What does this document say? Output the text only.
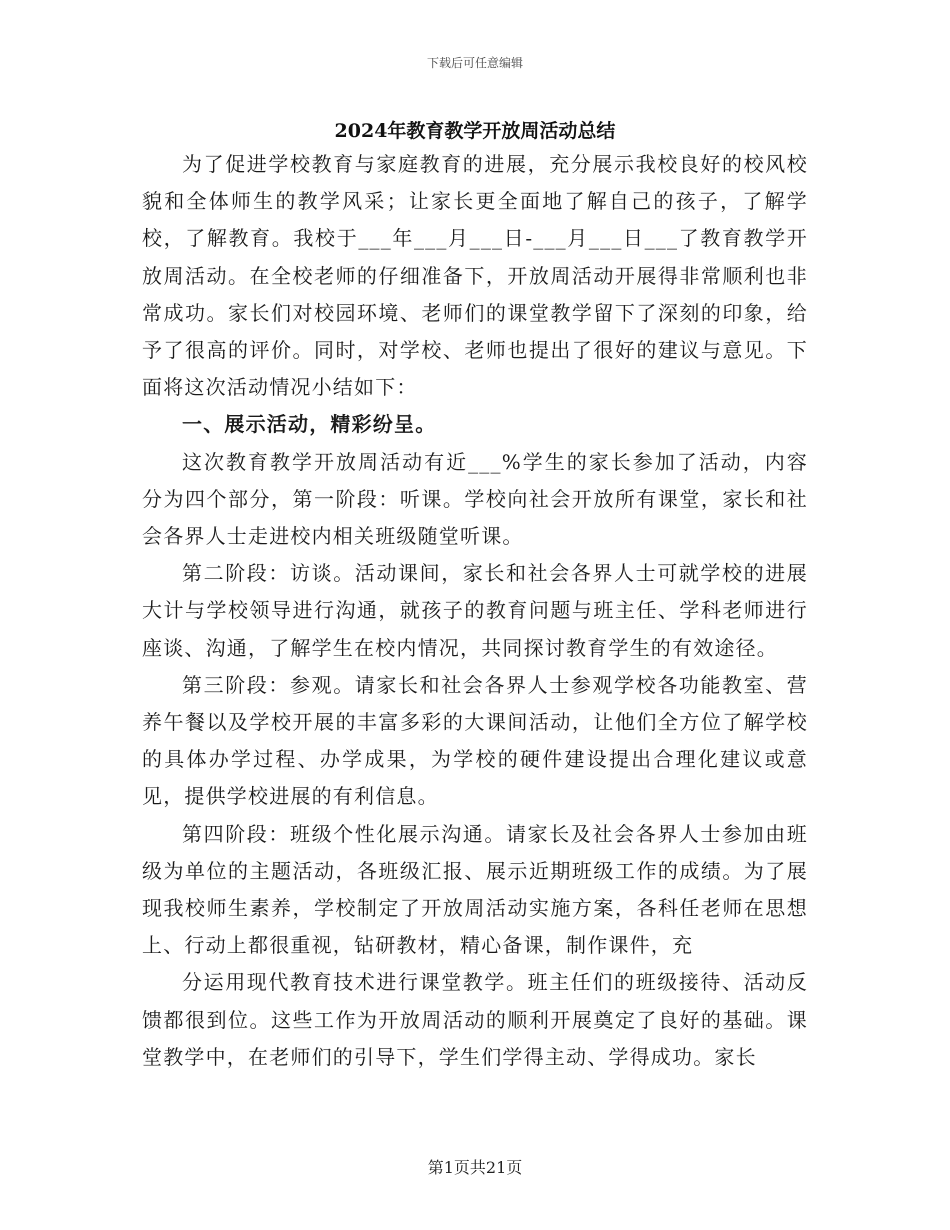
下载后可任意编辑
2024年教育教学开放周活动总结

为了促进学校教育与家庭教育的进展，充分展示我校良好的校风校貌和全体师生的教学风采；让家长更全面地了解自己的孩子，了解学校，了解教育。我校于___年___月___日-___月___日___了教育教学开放周活动。在全校老师的仔细准备下，开放周活动开展得非常顺利也非常成功。家长们对校园环境、老师们的课堂教学留下了深刻的印象，给予了很高的评价。同时，对学校、老师也提出了很好的建议与意见。下面将这次活动情况小结如下：

一、展示活动，精彩纷呈。

这次教育教学开放周活动有近___%学生的家长参加了活动，内容分为四个部分，第一阶段：听课。学校向社会开放所有课堂，家长和社会各界人士走进校内相关班级随堂听课。

第二阶段：访谈。活动课间，家长和社会各界人士可就学校的进展大计与学校领导进行沟通，就孩子的教育问题与班主任、学科老师进行座谈、沟通，了解学生在校内情况，共同探讨教育学生的有效途径。

第三阶段：参观。请家长和社会各界人士参观学校各功能教室、营养午餐以及学校开展的丰富多彩的大课间活动，让他们全方位了解学校的具体办学过程、办学成果，为学校的硬件建设提出合理化建议或意见，提供学校进展的有利信息。

第四阶段：班级个性化展示沟通。请家长及社会各界人士参加由班级为单位的主题活动，各班级汇报、展示近期班级工作的成绩。为了展现我校师生素养，学校制定了开放周活动实施方案，各科任老师在思想上、行动上都很重视，钻研教材，精心备课，制作课件，充

分运用现代教育技术进行课堂教学。班主任们的班级接待、活动反馈都很到位。这些工作为开放周活动的顺利开展奠定了良好的基础。课堂教学中，在老师们的引导下，学生们学得主动、学得成功。家长

第1页共21页
